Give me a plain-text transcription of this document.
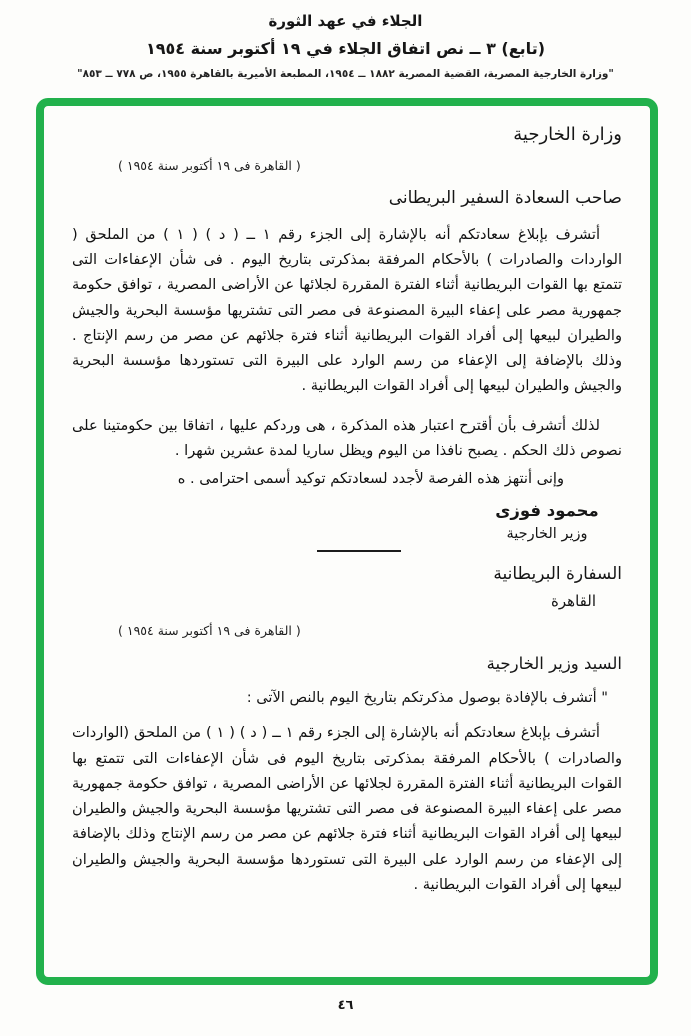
الجلاء في عهد الثورة
(تابع) ٣ ــ نص اتفاق الجلاء في ١٩ أكتوبر سنة ١٩٥٤
"وزارة الخارجية المصرية، القضية المصرية ١٨٨٢ ــ ١٩٥٤، المطبعة الأميرية بالقاهرة ١٩٥٥، ص ٧٧٨ ــ ٨٥٣"
وزارة الخارجية
( القاهرة فى ١٩ أكتوبر سنة ١٩٥٤ )
صاحب السعادة السفير البريطانى
أتشرف بإبلاغ سعادتكم أنه بالإشارة إلى الجزء رقم ١ ــ ( د ) ( ١ ) من الملحق ( الواردات والصادرات ) بالأحكام المرفقة بمذكرتى بتاريخ اليوم . فى شأن الإعفاءات التى تتمتع بها القوات البريطانية أثناء الفترة المقررة لجلائها عن الأراضى المصرية ، توافق حكومة جمهورية مصر على إعفاء البيرة المصنوعة فى مصر التى تشتريها مؤسسة البحرية والجيش والطيران لبيعها إلى أفراد القوات البريطانية أثناء فترة جلائهم عن مصر من رسم الإنتاج . وذلك بالإضافة إلى الإعفاء من رسم الوارد على البيرة التى تستوردها مؤسسة البحرية والجيش والطيران لبيعها إلى أفراد القوات البريطانية .
لذلك أتشرف بأن أقترح اعتبار هذه المذكرة ، هى وردكم عليها ، اتفاقا بين حكومتينا على نصوص ذلك الحكم . يصبح نافذا من اليوم ويظل ساريا لمدة عشرين شهرا .
وإنى أنتهز هذه الفرصة لأجدد لسعادتكم توكيد أسمى احترامى . ه
محمود فوزى
وزير الخارجية
السفارة البريطانية
القاهرة
( القاهرة فى ١٩ أكتوبر سنة ١٩٥٤ )
السيد وزير الخارجية
" أتشرف بالإفادة بوصول مذكرتكم بتاريخ اليوم بالنص الآتى :
أتشرف بإبلاغ سعادتكم أنه بالإشارة إلى الجزء رقم ١ ــ ( د ) ( ١ ) من الملحق (الواردات والصادرات ) بالأحكام المرفقة بمذكرتى بتاريخ اليوم فى شأن الإعفاءات التى تتمتع بها القوات البريطانية أثناء الفترة المقررة لجلائها عن الأراضى المصرية ، توافق حكومة جمهورية مصر على إعفاء البيرة المصنوعة فى مصر التى تشتريها مؤسسة البحرية والجيش والطيران لبيعها إلى أفراد القوات البريطانية أثناء فترة جلائهم عن مصر من رسم الإنتاج وذلك بالإضافة إلى الإعفاء من رسم الوارد على البيرة التى تستوردها مؤسسة البحرية والجيش والطيران لبيعها إلى أفراد القوات البريطانية .
٤٦
